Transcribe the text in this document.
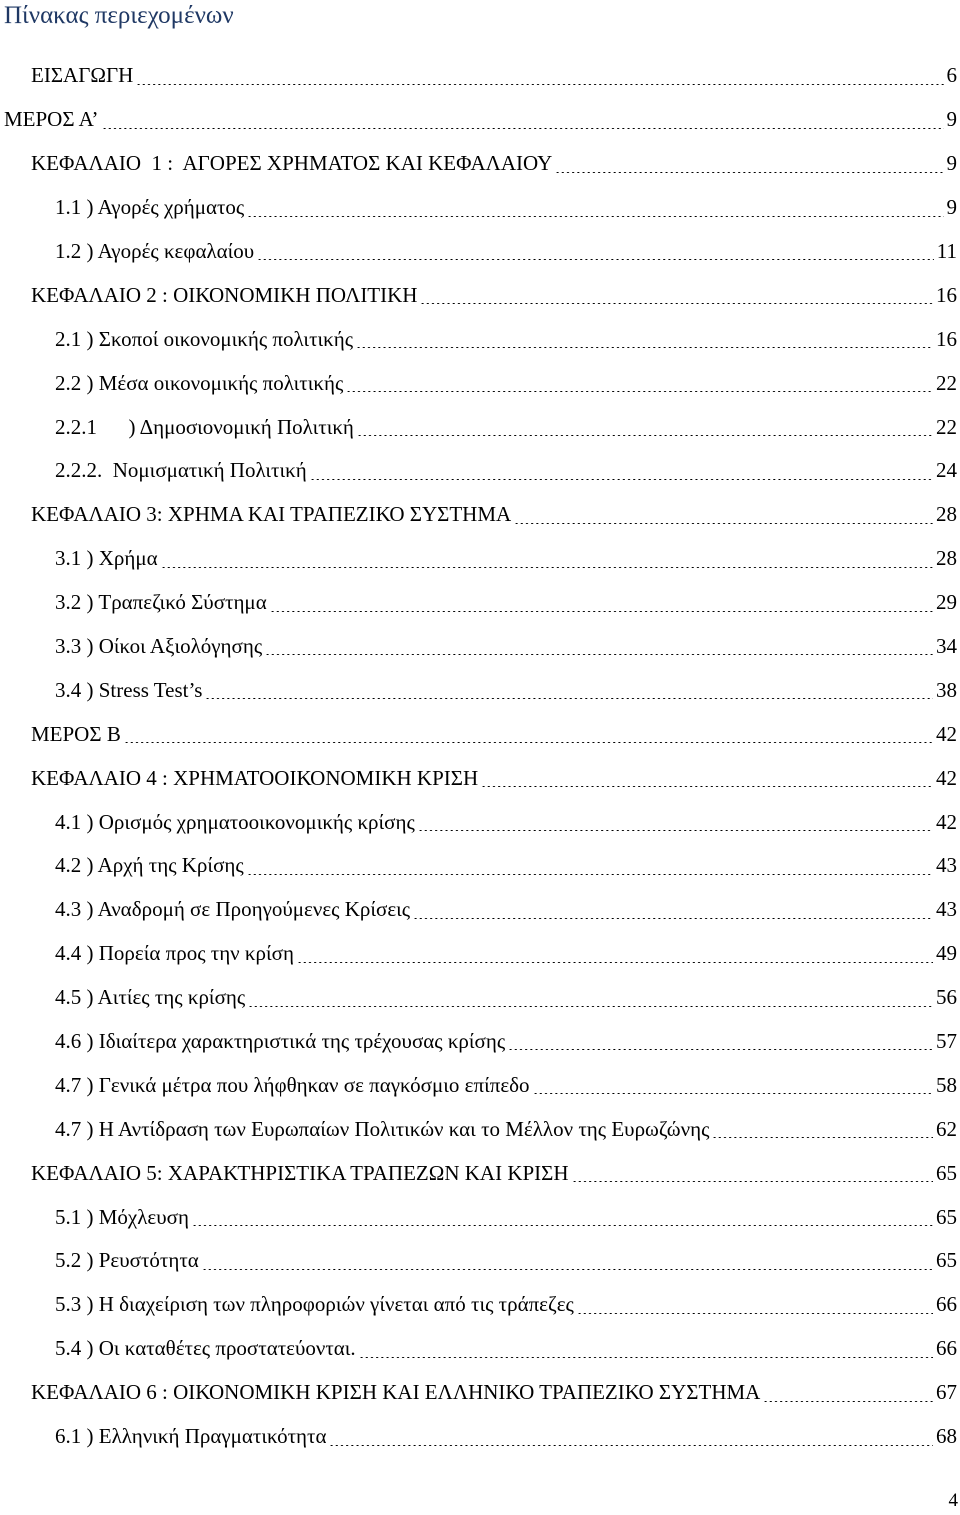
Πίνακας περιεχομένων
ΕΙΣΑΓΩΓΗ	6
ΜΕΡΟΣ Α’	9
ΚΕΦΑΛΑΙΟ  1 :  ΑΓΟΡΕΣ ΧΡΗΜΑΤΟΣ ΚΑΙ ΚΕΦΑΛΑΙΟΥ	9
1.1 ) Αγορές χρήματος	9
1.2 ) Αγορές κεφαλαίου	11
ΚΕΦΑΛΑΙΟ 2 : ΟΙΚΟΝΟΜΙΚΗ ΠΟΛΙΤΙΚΗ	16
2.1 ) Σκοποί οικονομικής πολιτικής	16
2.2 ) Μέσα οικονομικής πολιτικής	22
2.2.1      ) Δημοσιονομική Πολιτική	22
2.2.2.  Νομισματική Πολιτική	24
ΚΕΦΑΛΑΙΟ 3: ΧΡΗΜΑ ΚΑΙ ΤΡΑΠΕΖΙΚΟ ΣΥΣΤΗΜΑ	28
3.1 ) Χρήμα	28
3.2 ) Τραπεζικό Σύστημα	29
3.3 ) Οίκοι Αξιολόγησης	34
3.4 ) Stress Test’s	38
ΜΕΡΟΣ Β	42
ΚΕΦΑΛΑΙΟ 4 : ΧΡΗΜΑΤΟΟΙΚΟΝΟΜΙΚΗ ΚΡΙΣΗ	42
4.1 ) Ορισμός χρηματοοικονομικής κρίσης	42
4.2 ) Αρχή της Κρίσης	43
4.3 ) Αναδρομή σε Προηγούμενες Κρίσεις	43
4.4 ) Πορεία προς την κρίση	49
4.5 ) Αιτίες της κρίσης	56
4.6 ) Ιδιαίτερα χαρακτηριστικά της τρέχουσας κρίσης	57
4.7 ) Γενικά μέτρα που λήφθηκαν σε παγκόσμιο επίπεδο	58
4.7 ) Η Αντίδραση των Ευρωπαίων Πολιτικών και το Μέλλον της Ευρωζώνης	62
ΚΕΦΑΛΑΙΟ 5: ΧΑΡΑΚΤΗΡΙΣΤΙΚΑ ΤΡΑΠΕΖΩΝ ΚΑΙ ΚΡΙΣΗ	65
5.1 ) Μόχλευση	65
5.2 ) Ρευστότητα	65
5.3 ) Η διαχείριση των πληροφοριών γίνεται από τις τράπεζες	66
5.4 ) Οι καταθέτες προστατεύονται.	66
ΚΕΦΑΛΑΙΟ 6 : ΟΙΚΟΝΟΜΙΚΗ ΚΡΙΣΗ ΚΑΙ ΕΛΛΗΝΙΚΟ ΤΡΑΠΕΖΙΚΟ ΣΥΣΤΗΜΑ	67
6.1 ) Ελληνική Πραγματικότητα	68
4
